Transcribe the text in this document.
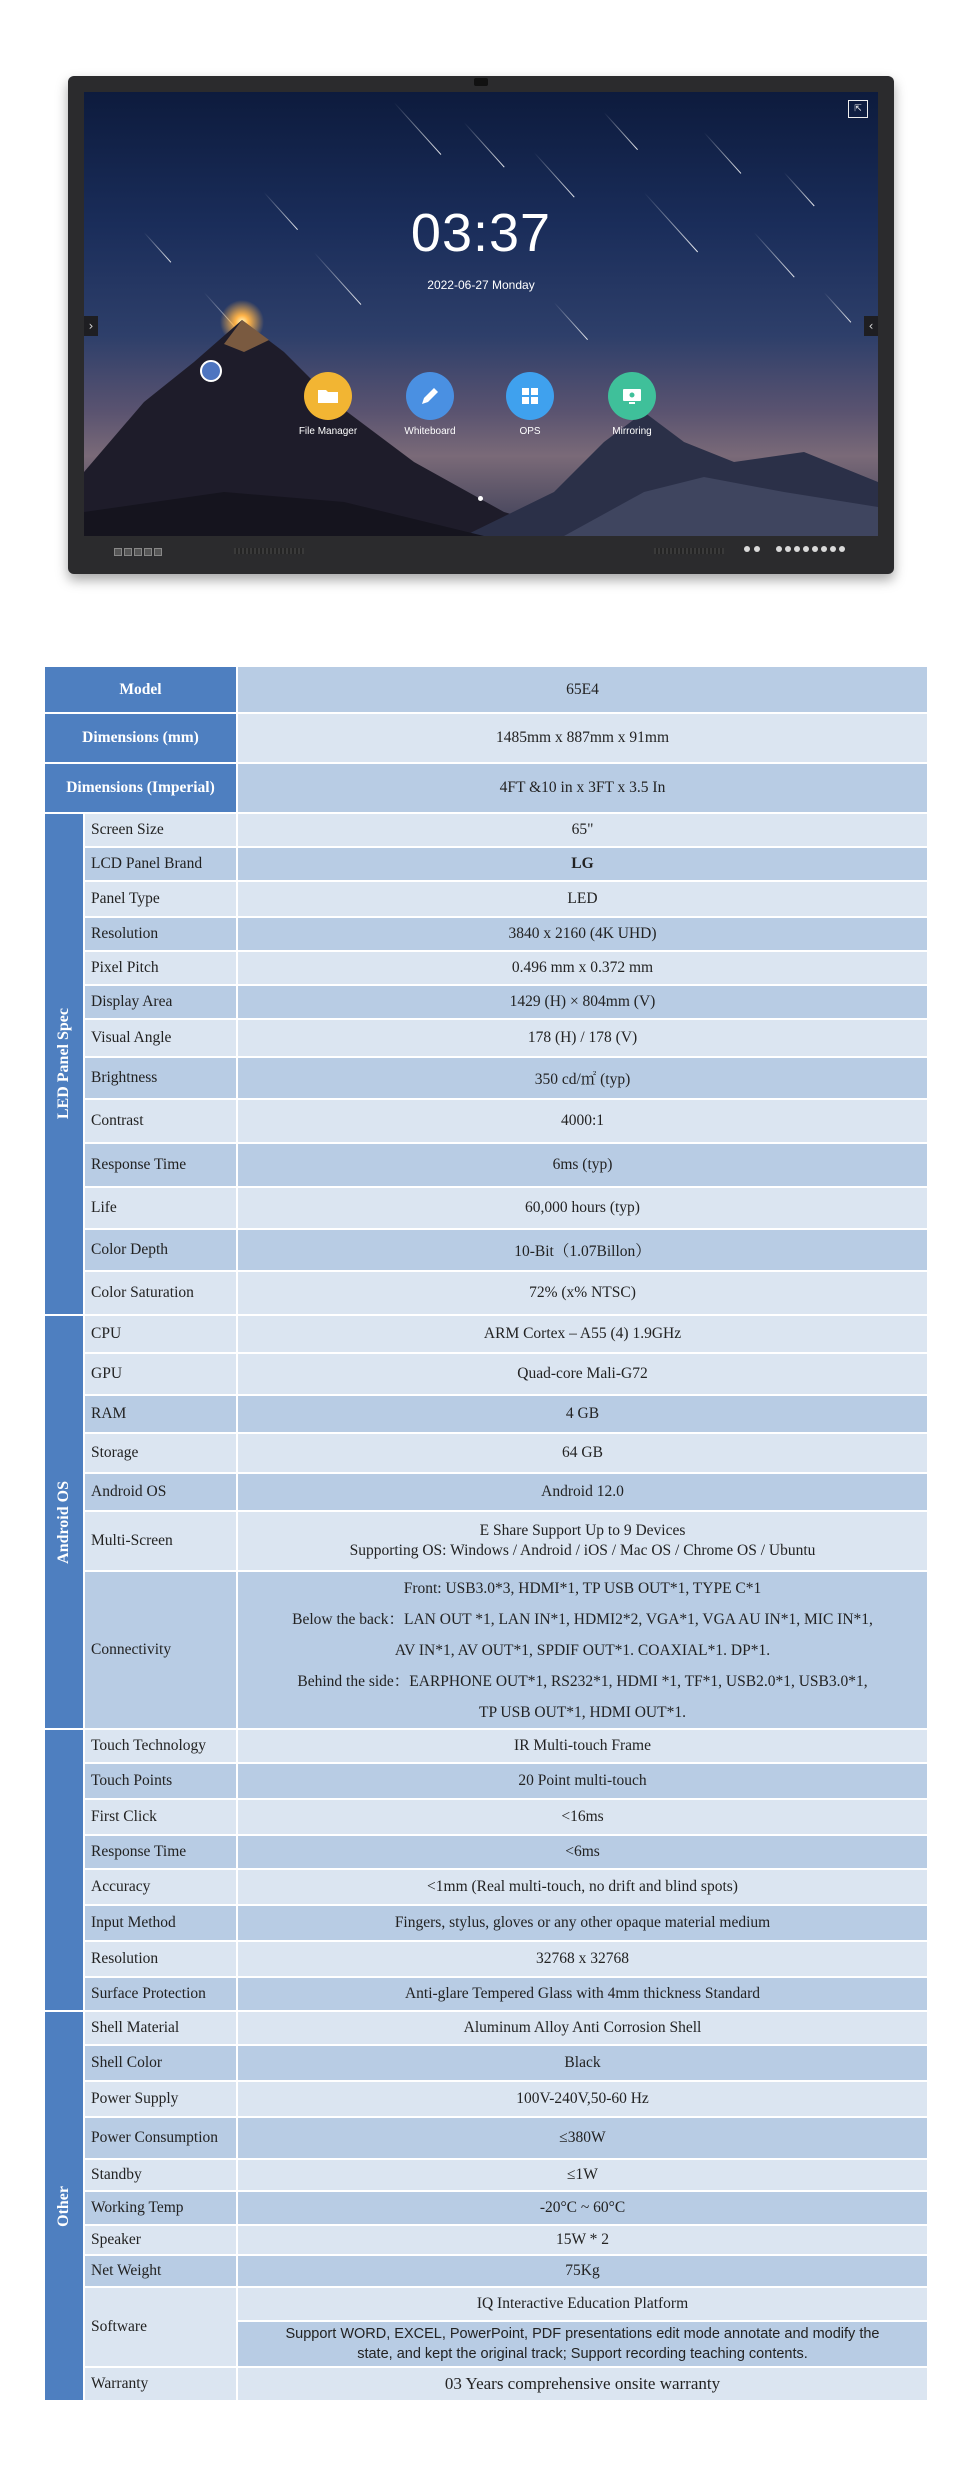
⇱
›	‹
03:37
2022-06-27 Monday
File Manager	Whiteboard	OPS	Mirroring
Model		65E4
Dimensions (mm)		1485mm x 887mm x 91mm
Dimensions (Imperial)		4FT &10 in x 3FT x 3.5 In

LED Panel Spec	Screen Size	65"
	LCD Panel Brand	LG
	Panel Type	LED
	Resolution	3840 x 2160 (4K UHD)
	Pixel Pitch	0.496 mm x 0.372 mm
	Display Area	1429 (H) × 804mm (V)
	Visual Angle	178 (H) / 178 (V)
	Brightness	350 cd/㎡ (typ)
	Contrast	4000:1
	Response Time	6ms (typ)
	Life	60,000 hours (typ)
	Color Depth	10-Bit（1.07Billon）
	Color Saturation	72% (x% NTSC)

Android OS	CPU	ARM Cortex – A55 (4) 1.9GHz
	GPU	Quad-core Mali-G72
	RAM	4 GB
	Storage	64 GB
	Android OS	Android 12.0
	Multi-Screen	E Share Support Up to 9 Devices
Supporting OS: Windows / Android / iOS / Mac OS / Chrome OS / Ubuntu

	Connectivity	Front: USB3.0*3, HDMI*1, TP USB OUT*1, TYPE C*1
Below the back：LAN OUT *1, LAN IN*1, HDMI2*2, VGA*1, VGA AU IN*1, MIC IN*1,
AV IN*1, AV OUT*1, SPDIF OUT*1. COAXIAL*1. DP*1.
Behind the side：EARPHONE OUT*1, RS232*1, HDMI *1, TF*1, USB2.0*1, USB3.0*1,
TP USB OUT*1, HDMI OUT*1.

	Touch Technology	IR Multi-touch Frame
	Touch Points	20 Point multi-touch
	First Click	<16ms
	Response Time	<6ms
	Accuracy	<1mm (Real multi-touch, no drift and blind spots)
	Input Method	Fingers, stylus, gloves or any other opaque material medium
	Resolution	32768 x 32768
	Surface Protection	Anti-glare Tempered Glass with 4mm thickness Standard

Other	Shell Material	Aluminum Alloy Anti Corrosion Shell
	Shell Color	Black
	Power Supply	100V-240V,50-60 Hz
	Power Consumption	≤380W
	Standby	≤1W
	Working Temp	-20°C ~ 60°C
	Speaker	15W * 2
	Net Weight	75Kg
	Software	IQ Interactive Education Platform

		Support WORD, EXCEL, PowerPoint, PDF presentations edit mode annotate and modify the
state, and kept the original track; Support recording teaching contents.

	Warranty	03 Years comprehensive onsite warranty
